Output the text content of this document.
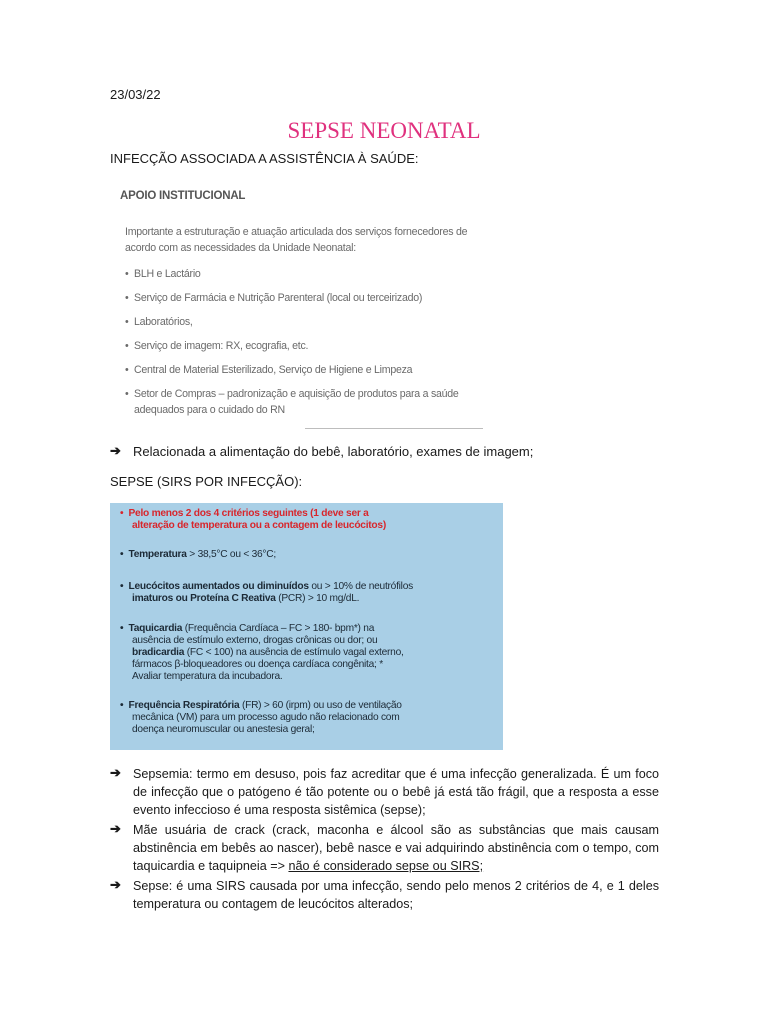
23/03/22
SEPSE NEONATAL
INFECÇÃO ASSOCIADA A ASSISTÊNCIA À SAÚDE:
APOIO INSTITUCIONAL
Importante a estruturação e atuação articulada dos serviços fornecedores de acordo com as necessidades da Unidade Neonatal:
• BLH e Lactário
• Serviço de Farmácia e Nutrição Parenteral (local ou terceirizado)
• Laboratórios,
• Serviço de imagem: RX, ecografia, etc.
• Central de Material Esterilizado, Serviço de Higiene e Limpeza
• Setor de Compras – padronização e aquisição de produtos para a saúde adequados para o cuidado do RN
➔ Relacionada a alimentação do bebê, laboratório, exames de imagem;
SEPSE (SIRS POR INFECÇÃO):
•  Pelo menos 2 dos 4 critérios seguintes (1 deve ser a
alteração de temperatura ou a contagem de leucócitos)
•  Temperatura > 38,5°C ou < 36°C;
•  Leucócitos aumentados ou diminuídos ou > 10% de neutrófilos
imaturos ou Proteína C Reativa (PCR) > 10 mg/dL.
•  Taquicardia (Frequência Cardíaca – FC > 180- bpm*) na
ausência de estímulo externo, drogas crônicas ou dor; ou
bradicardia (FC < 100) na ausência de estímulo vagal externo,
fármacos β-bloqueadores ou doença cardíaca congênita; *
Avaliar temperatura da incubadora.
•  Frequência Respiratória (FR) > 60 (irpm) ou uso de ventilação
mecânica (VM) para um processo agudo não relacionado com
doença neuromuscular ou anestesia geral;
➔ Sepsemia: termo em desuso, pois faz acreditar que é uma infecção generalizada. É um foco de infecção que o patógeno é tão potente ou o bebê já está tão frágil, que a resposta a esse evento infeccioso é uma resposta sistêmica (sepse);
➔ Mãe usuária de crack (crack, maconha e álcool são as substâncias que mais causam abstinência em bebês ao nascer), bebê nasce e vai adquirindo abstinência com o tempo, com taquicardia e taquipneia => não é considerado sepse ou SIRS;
➔ Sepse: é uma SIRS causada por uma infecção, sendo pelo menos 2 critérios de 4, e 1 deles temperatura ou contagem de leucócitos alterados;
